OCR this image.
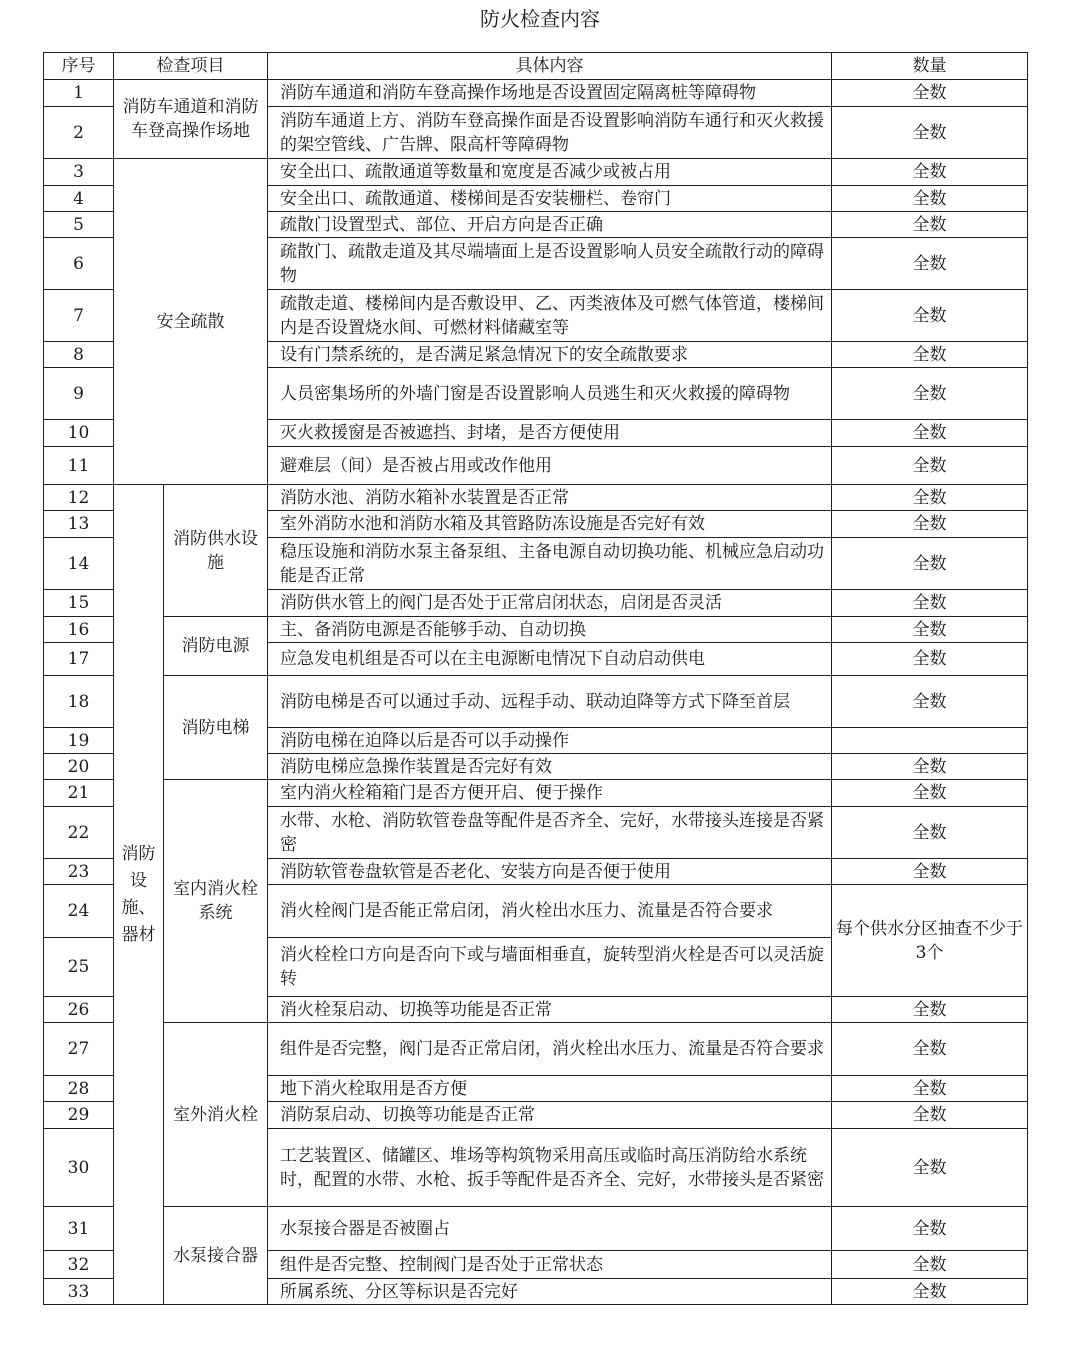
防火检查内容
序号	检查项目		具体内容	数量
1	消防车通道和消防车登高操作场地		消防车通道和消防车登高操作场地是否设置固定隔离桩等障碍物	全数
2			消防车通道上方、消防车登高操作面是否设置影响消防车通行和灭火救援的架空管线、广告牌、限高杆等障碍物	全数
3	安全疏散		安全出口、疏散通道等数量和宽度是否减少或被占用	全数
4			安全出口、疏散通道、楼梯间是否安装栅栏、卷帘门	全数
5			疏散门设置型式、部位、开启方向是否正确	全数
6			疏散门、疏散走道及其尽端墙面上是否设置影响人员安全疏散行动的障碍物	全数
7			疏散走道、楼梯间内是否敷设甲、乙、丙类液体及可燃气体管道，楼梯间内是否设置烧水间、可燃材料储藏室等	全数
8			设有门禁系统的，是否满足紧急情况下的安全疏散要求	全数
9			人员密集场所的外墙门窗是否设置影响人员逃生和灭火救援的障碍物	全数
10			灭火救援窗是否被遮挡、封堵，是否方便使用	全数
11			避难层（间）是否被占用或改作他用	全数
12	消防设施、器材	消防供水设施	消防水池、消防水箱补水装置是否正常	全数
13			室外消防水池和消防水箱及其管路防冻设施是否完好有效	全数
14			稳压设施和消防水泵主备泵组、主备电源自动切换功能、机械应急启动功能是否正常	全数
15			消防供水管上的阀门是否处于正常启闭状态，启闭是否灵活	全数
16		消防电源	主、备消防电源是否能够手动、自动切换	全数
17			应急发电机组是否可以在主电源断电情况下自动启动供电	全数
18		消防电梯	消防电梯是否可以通过手动、远程手动、联动迫降等方式下降至首层	全数
19			消防电梯在迫降以后是否可以手动操作	
20			消防电梯应急操作装置是否完好有效	全数
21		室内消火栓系统	室内消火栓箱箱门是否方便开启、便于操作	全数
22			水带、水枪、消防软管卷盘等配件是否齐全、完好，水带接头连接是否紧密	全数
23			消防软管卷盘软管是否老化、安装方向是否便于使用	全数
24			消火栓阀门是否能正常启闭，消火栓出水压力、流量是否符合要求	每个供水分区抽查不少于3个
25			消火栓栓口方向是否向下或与墙面相垂直，旋转型消火栓是否可以灵活旋转	
26			消火栓泵启动、切换等功能是否正常	全数
27		室外消火栓	组件是否完整，阀门是否正常启闭，消火栓出水压力、流量是否符合要求	全数
28			地下消火栓取用是否方便	全数
29			消防泵启动、切换等功能是否正常	全数
30			工艺装置区、储罐区、堆场等构筑物采用高压或临时高压消防给水系统时，配置的水带、水枪、扳手等配件是否齐全、完好，水带接头是否紧密	全数
31		水泵接合器	水泵接合器是否被圈占	全数
32			组件是否完整、控制阀门是否处于正常状态	全数
33			所属系统、分区等标识是否完好	全数
